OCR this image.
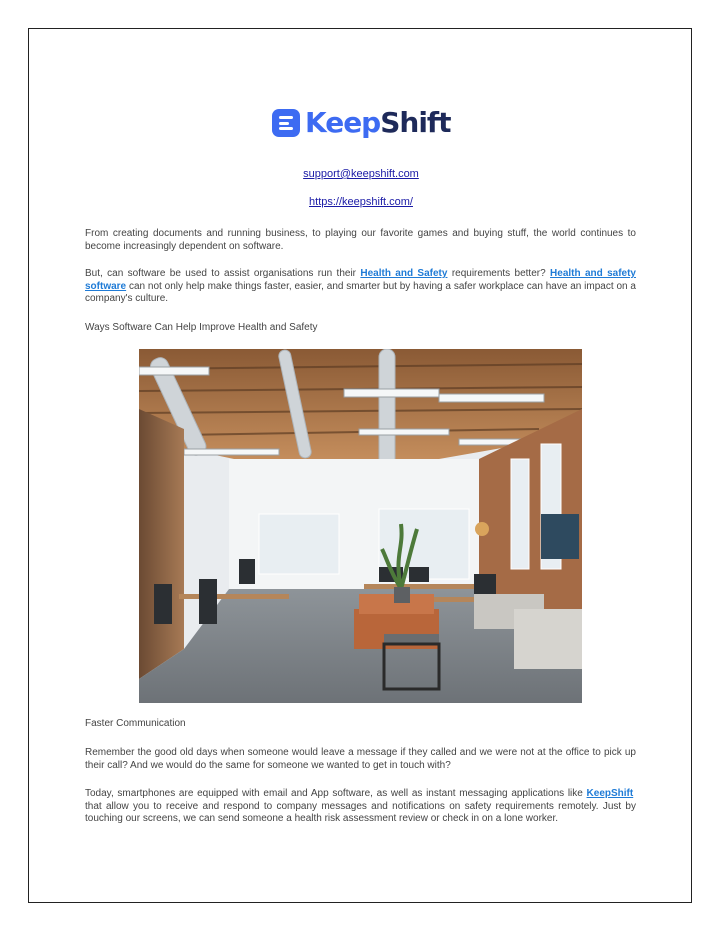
KeepShift
support@keepshift.com
https://keepshift.com/

From creating documents and running business, to playing our favorite games and buying stuff, the world continues to become increasingly dependent on software.

But, can software be used to assist organisations run their Health and Safety requirements better? Health and safety software can not only help make things faster, easier, and smarter but by having a safer workplace can have an impact on a company's culture.

Ways Software Can Help Improve Health and Safety
Faster Communication

Remember the good old days when someone would leave a message if they called and we were not at the office to pick up their call? And we would do the same for someone we wanted to get in touch with?

Today, smartphones are equipped with email and App software, as well as instant messaging applications like KeepShift  that allow you to receive and respond to company messages and notifications on safety requirements remotely. Just by touching our screens, we can send someone a health risk assessment review or check in on a lone worker.
